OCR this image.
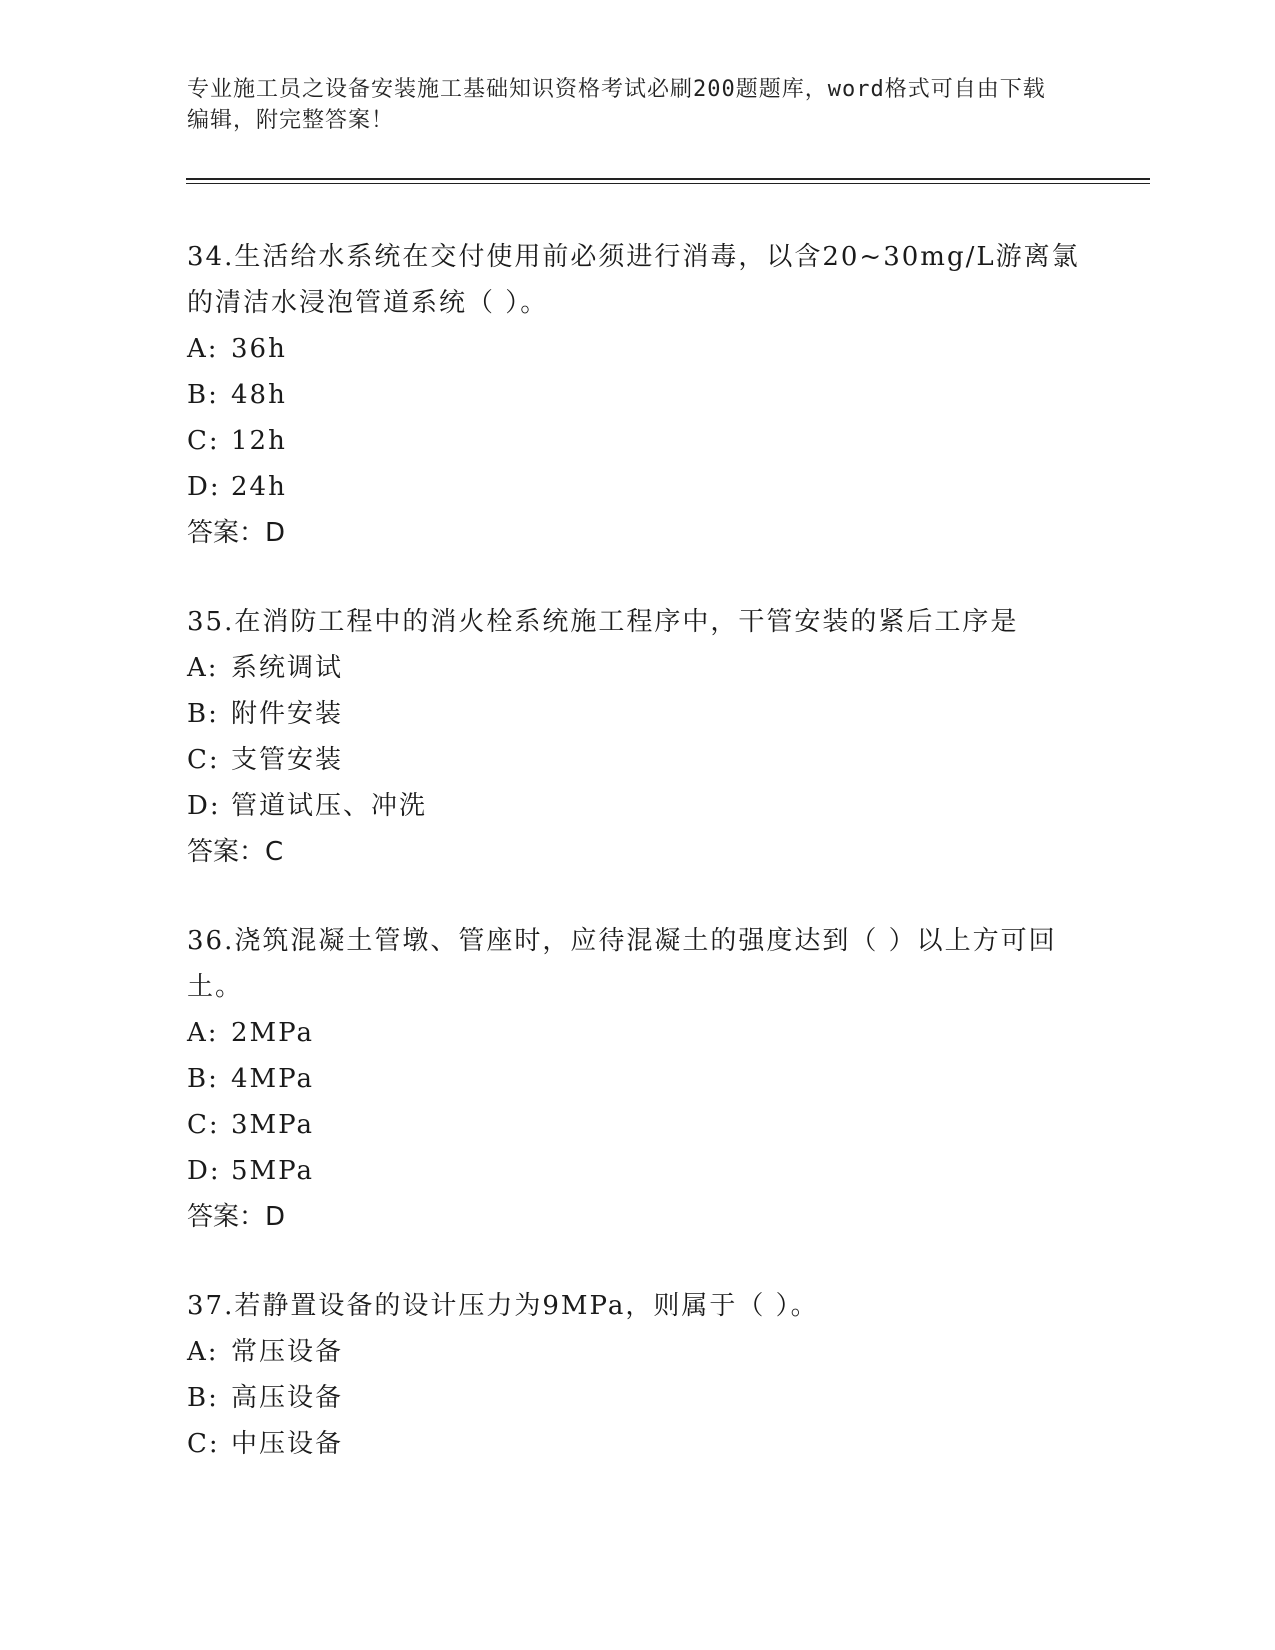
专业施工员之设备安装施工基础知识资格考试必刷200题题库，word格式可自由下载编辑，附完整答案！

34.生活给水系统在交付使用前必须进行消毒，以含20~30mg/L游离氯的清洁水浸泡管道系统（ ）。

A: 36h
B: 48h
C: 12h
D: 24h

答案：D

35.在消防工程中的消火栓系统施工程序中，干管安装的紧后工序是

A: 系统调试
B: 附件安装
C: 支管安装
D: 管道试压、冲洗

答案：C

36.浇筑混凝土管墩、管座时，应待混凝土的强度达到（ ）以上方可回土。

A: 2MPa
B: 4MPa
C: 3MPa
D: 5MPa

答案：D

37.若静置设备的设计压力为9MPa，则属于（ ）。

A: 常压设备
B: 高压设备
C: 中压设备
